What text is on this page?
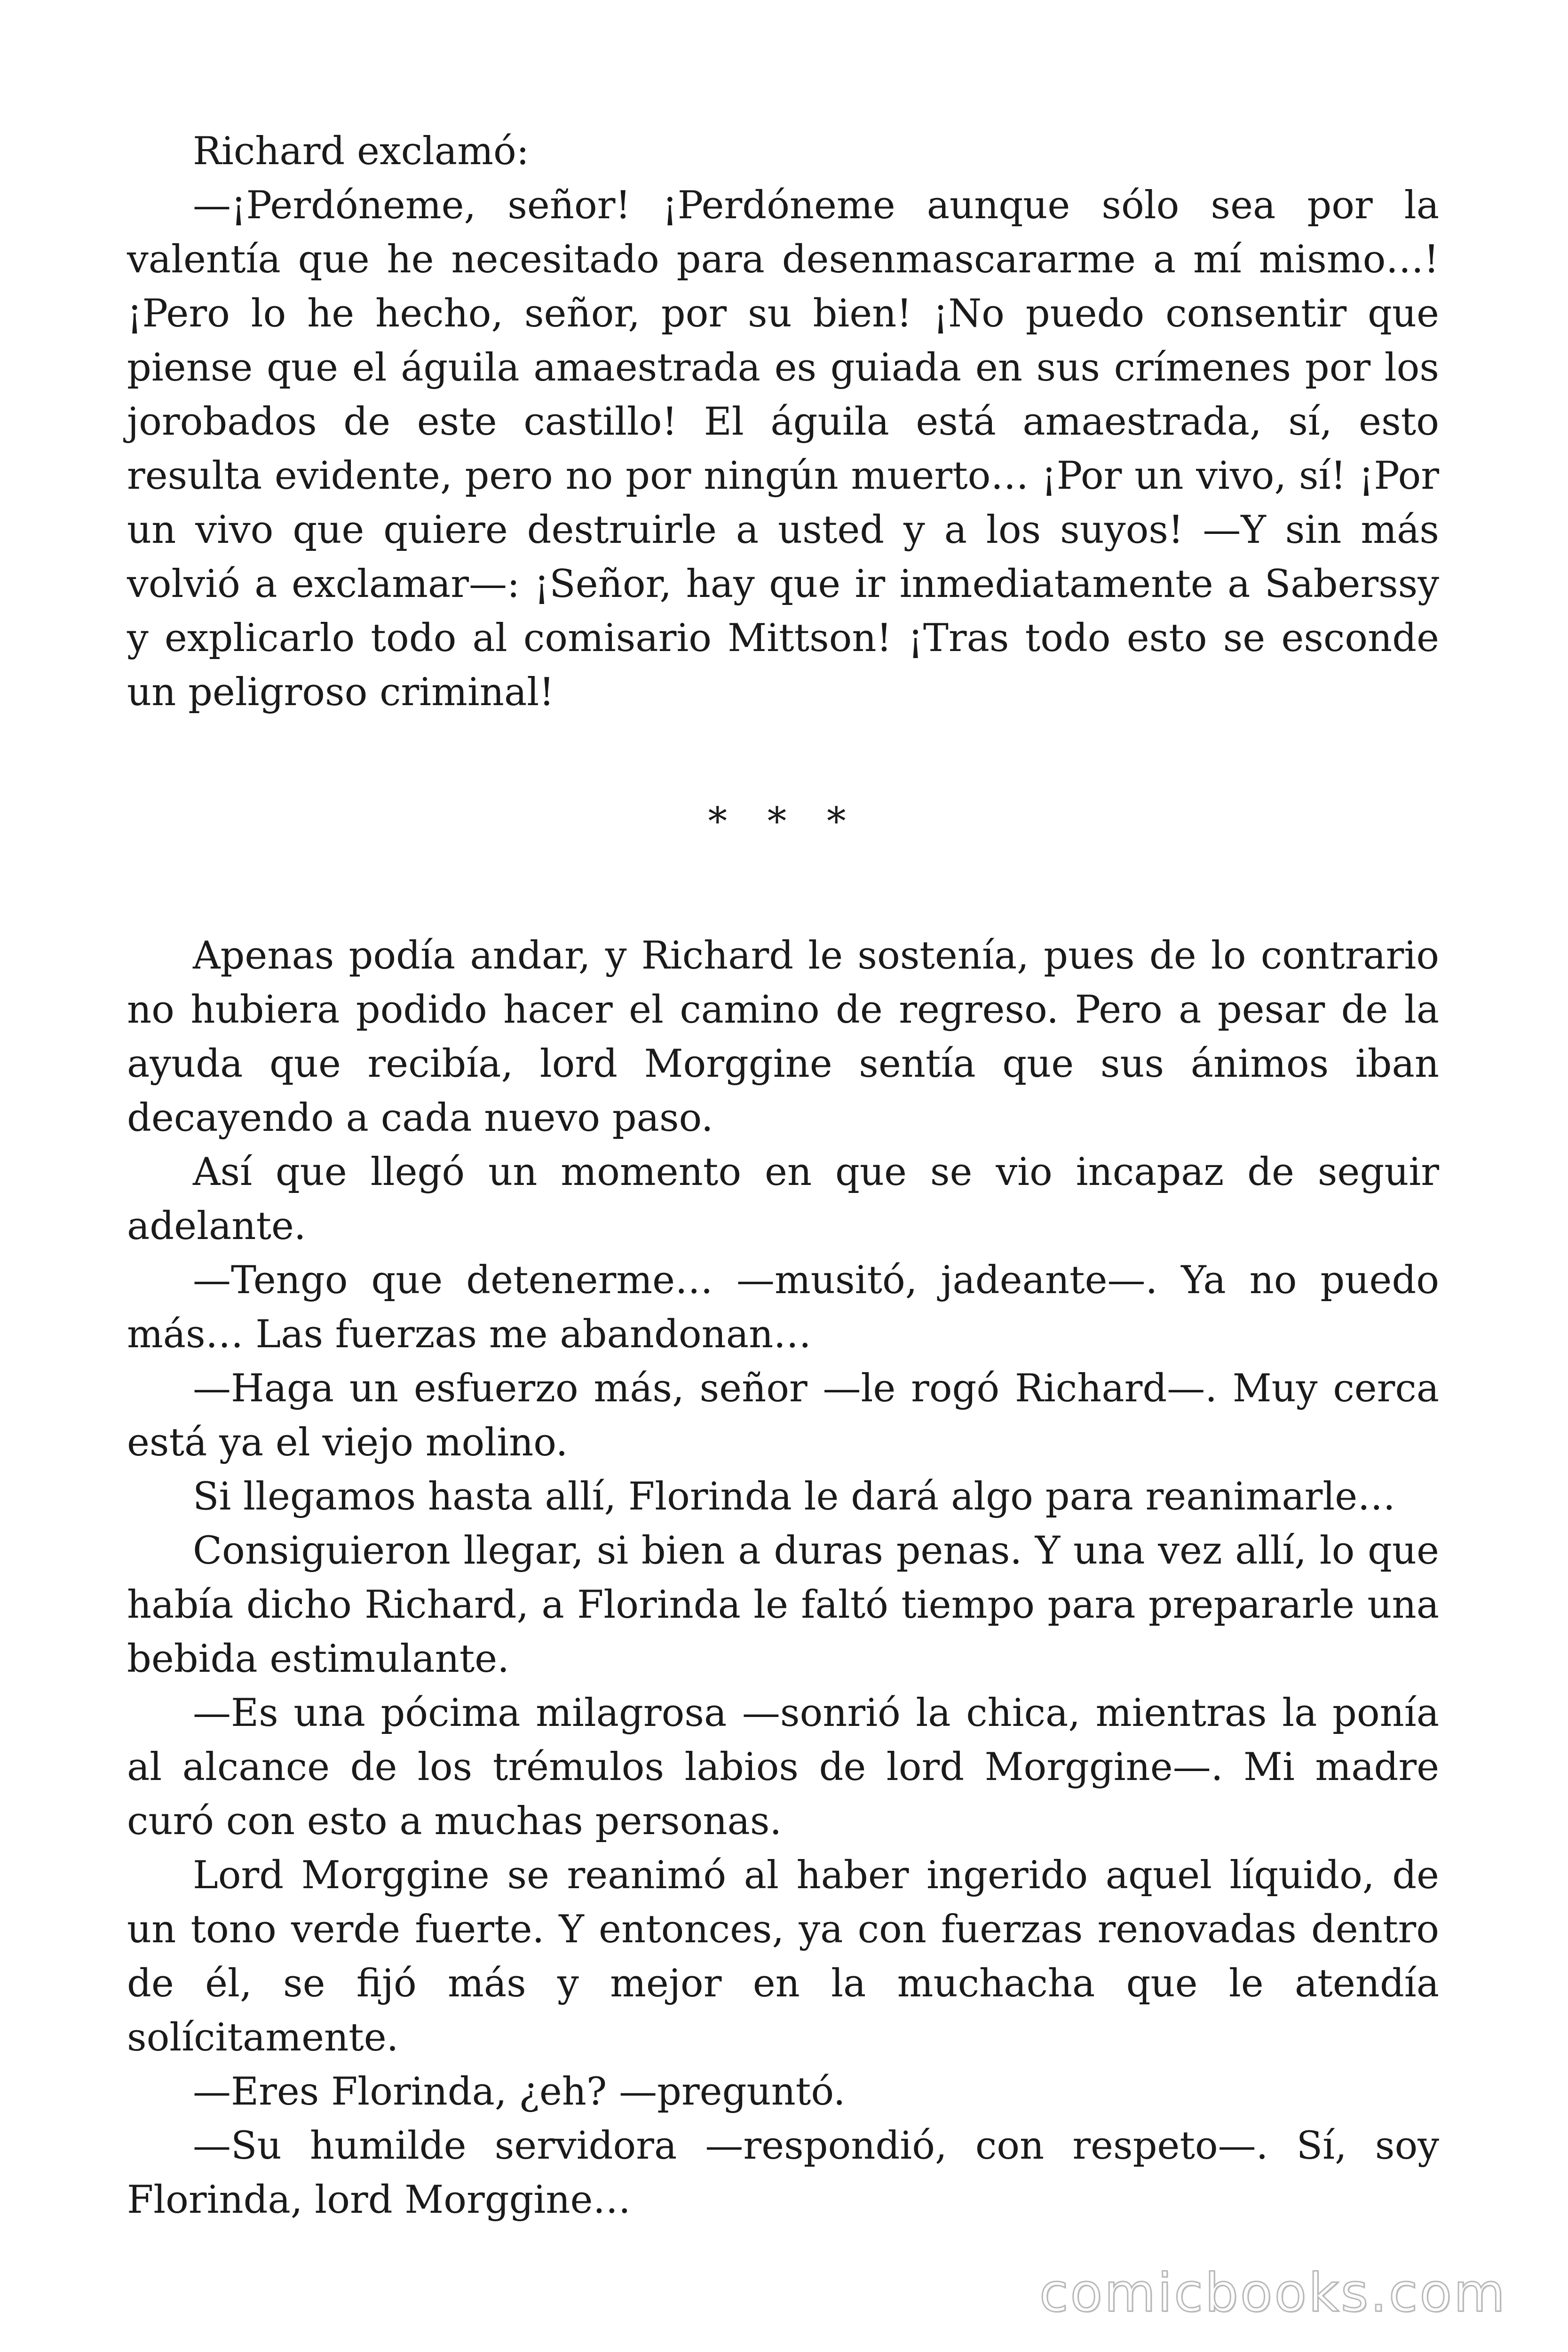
Richard exclamó:

—¡Perdóneme, señor! ¡Perdóneme aunque sólo sea por la valentía que he necesitado para desenmascararme a mí mismo…! ¡Pero lo he hecho, señor, por su bien! ¡No puedo consentir que piense que el águila amaestrada es guiada en sus crímenes por los jorobados de este castillo! El águila está amaestrada, sí, esto resulta evidente, pero no por ningún muerto… ¡Por un vivo, sí! ¡Por un vivo que quiere destruirle a usted y a los suyos! —Y sin más volvió a exclamar—: ¡Señor, hay que ir inmediatamente a Saberssy y explicarlo todo al comisario Mittson! ¡Tras todo esto se esconde un peligroso criminal!

* * *

Apenas podía andar, y Richard le sostenía, pues de lo contrario no hubiera podido hacer el camino de regreso. Pero a pesar de la ayuda que recibía, lord Morggine sentía que sus ánimos iban decayendo a cada nuevo paso.

Así que llegó un momento en que se vio incapaz de seguir adelante.

—Tengo que detenerme… —musitó, jadeante—. Ya no puedo más… Las fuerzas me abandonan…

—Haga un esfuerzo más, señor —le rogó Richard—. Muy cerca está ya el viejo molino.

Si llegamos hasta allí, Florinda le dará algo para reanimarle…

Consiguieron llegar, si bien a duras penas. Y una vez allí, lo que había dicho Richard, a Florinda le faltó tiempo para prepararle una bebida estimulante.

—Es una pócima milagrosa —sonrió la chica, mientras la ponía al alcance de los trémulos labios de lord Morggine—. Mi madre curó con esto a muchas personas.

Lord Morggine se reanimó al haber ingerido aquel líquido, de un tono verde fuerte. Y entonces, ya con fuerzas renovadas dentro de él, se fijó más y mejor en la muchacha que le atendía solícitamente.

—Eres Florinda, ¿eh? —preguntó.

—Su humilde servidora —respondió, con respeto—. Sí, soy Florinda, lord Morggine…

comicbooks.com
